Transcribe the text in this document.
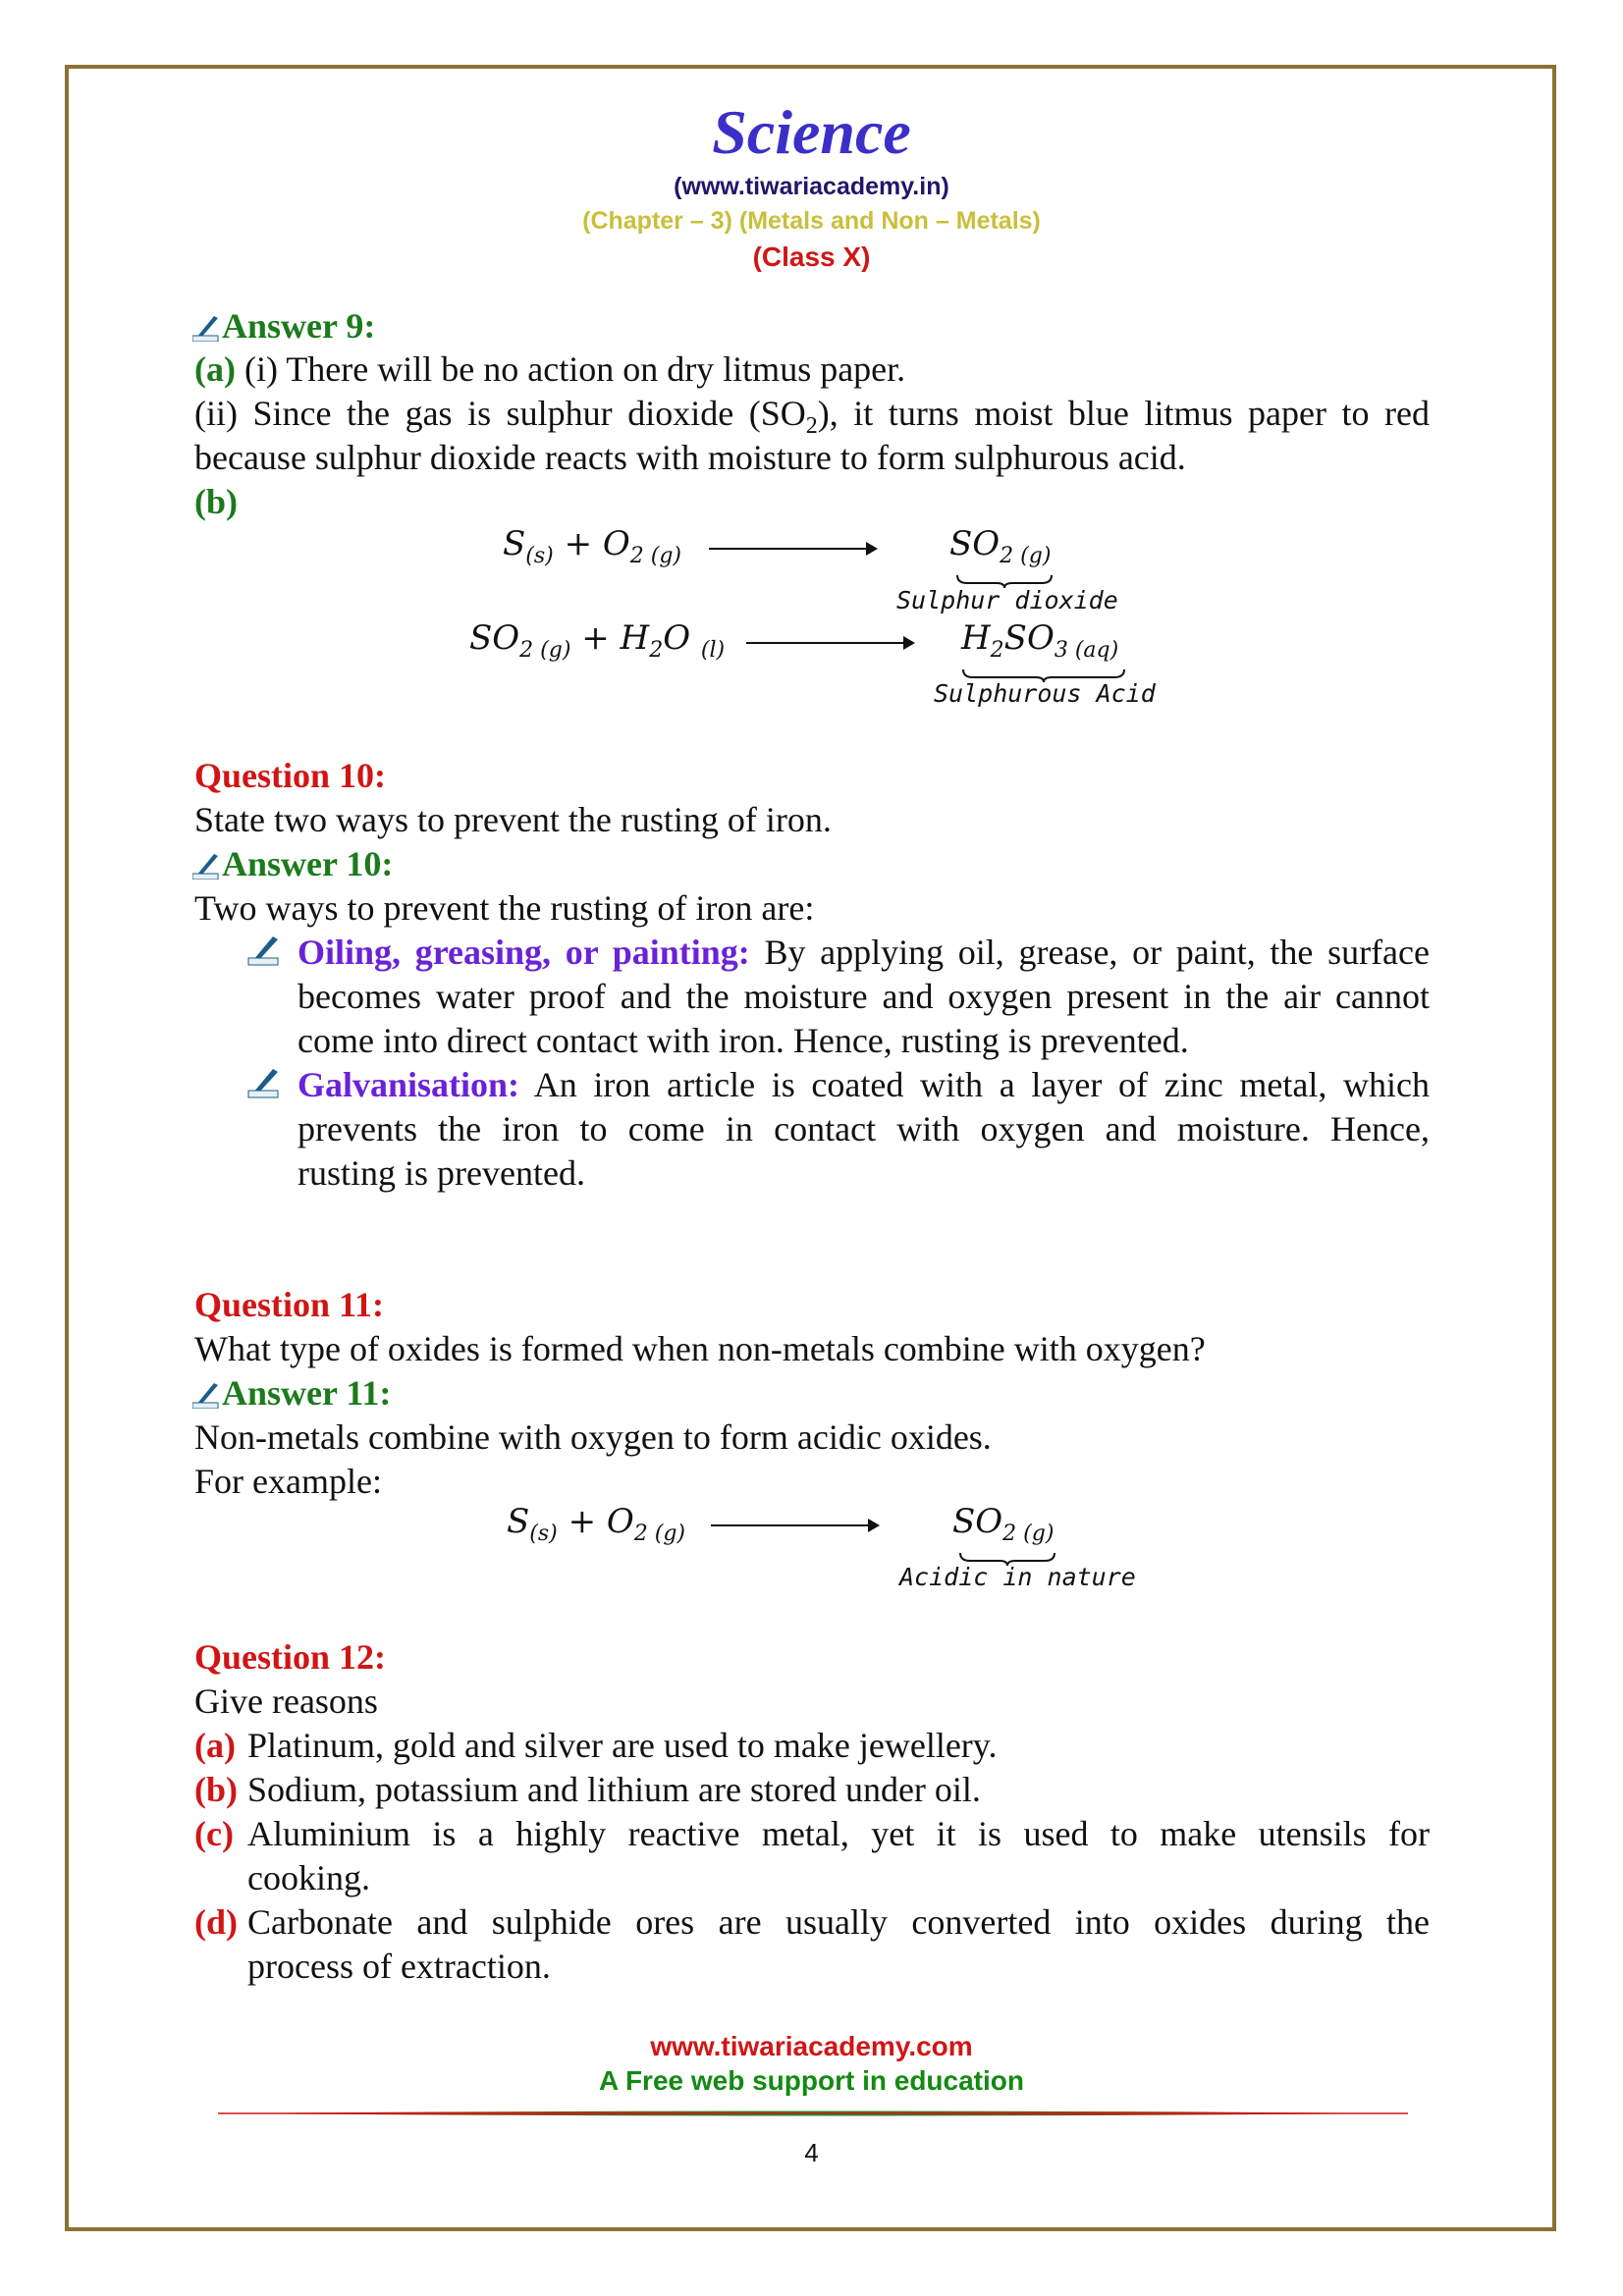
Science
(www.tiwariacademy.in)
(Chapter – 3) (Metals and Non – Metals)
(Class X)
Answer 9:
(a) (i) There will be no action on dry litmus paper.
(ii) Since the gas is sulphur dioxide $(SO_2)$, it turns moist blue litmus paper to red
because sulphur dioxide reacts with moisture to form sulphurous acid.
(b)
$S_{(s)} + O_{2 (g)}$	$SO_{2 (g)}$
Sulphur dioxide
$SO_{2 (g)} + H_2O$ $_{(l)}$	$H_2SO_{3 (aq)}$
Sulphurous Acid
Question 10:
State two ways to prevent the rusting of iron.
Answer 10:
Two ways to prevent the rusting of iron are:
Oiling, greasing, or painting: By applying oil, grease, or paint, the surface
becomes water proof and the moisture and oxygen present in the air cannot
come into direct contact with iron. Hence, rusting is prevented.
Galvanisation: An iron article is coated with a layer of zinc metal, which
prevents the iron to come in contact with oxygen and moisture. Hence,
rusting is prevented.
Question 11:
What type of oxides is formed when non-metals combine with oxygen?
Answer 11:
Non-metals combine with oxygen to form acidic oxides.
For example:
$S_{(s)} + O_{2 (g)}$	$SO_{2 (g)}$
Acidic in nature
Question 12:
Give reasons
(a) Platinum, gold and silver are used to make jewellery.
(b) Sodium, potassium and lithium are stored under oil.
(c) Aluminium is a highly reactive metal, yet it is used to make utensils for
cooking.
(d) Carbonate and sulphide ores are usually converted into oxides during the
process of extraction.
www.tiwariacademy.com
A Free web support in education
4
